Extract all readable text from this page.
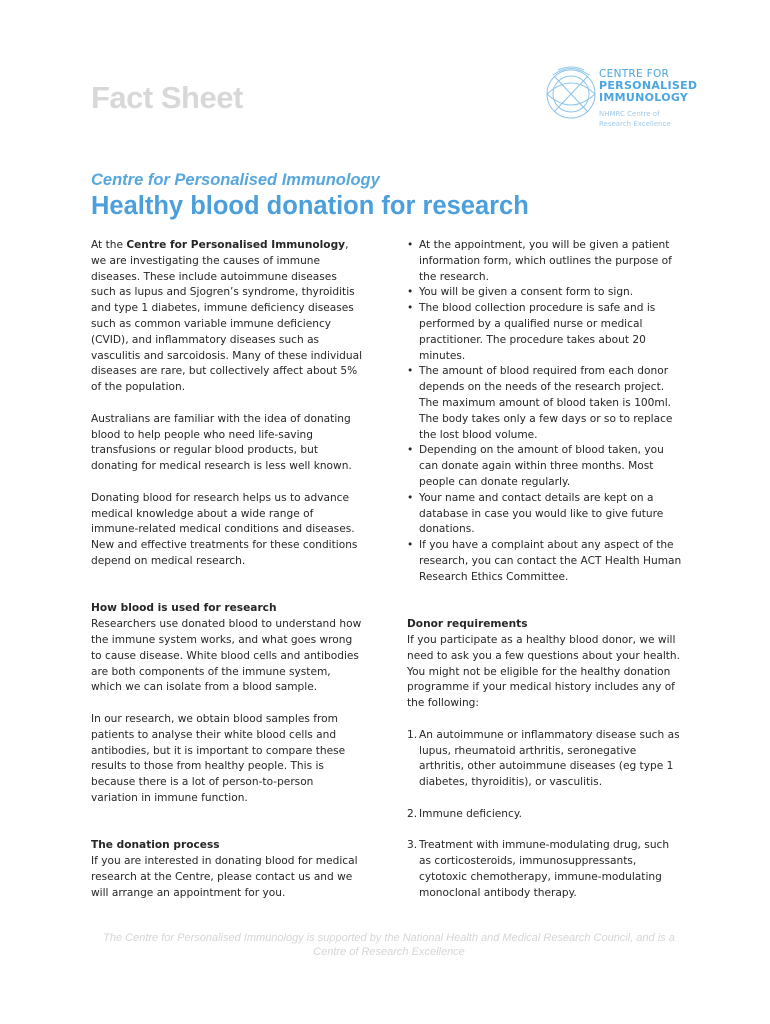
Fact Sheet
CENTRE FOR
PERSONALISED
IMMUNOLOGY
NHMRC Centre of
Research Excellence
Centre for Personalised Immunology
Healthy blood donation for research

At the Centre for Personalised Immunology, we are investigating the causes of immune diseases. These include autoimmune diseases such as lupus and Sjogren’s syndrome, thyroiditis and type 1 diabetes, immune deficiency diseases such as common variable immune deficiency (CVID), and inflammatory diseases such as vasculitis and sarcoidosis. Many of these individual diseases are rare, but collectively affect about 5% of the population.

Australians are familiar with the idea of donating blood to help people who need life-saving transfusions or regular blood products, but donating for medical research is less well known.

Donating blood for research helps us to advance medical knowledge about a wide range of immune-related medical conditions and diseases. New and effective treatments for these conditions depend on medical research.

How blood is used for research

Researchers use donated blood to understand how the immune system works, and what goes wrong to cause disease. White blood cells and antibodies are both components of the immune system, which we can isolate from a blood sample.

In our research, we obtain blood samples from patients to analyse their white blood cells and antibodies, but it is important to compare these results to those from healthy people. This is because there is a lot of person-to-person variation in immune function.

The donation process

If you are interested in donating blood for medical research at the Centre, please contact us and we will arrange an appointment for you.

• At the appointment, you will be given a patient information form, which outlines the purpose of the research.
• You will be given a consent form to sign.
• The blood collection procedure is safe and is performed by a qualified nurse or medical practitioner. The procedure takes about 20 minutes.
• The amount of blood required from each donor depends on the needs of the research project. The maximum amount of blood taken is 100ml. The body takes only a few days or so to replace the lost blood volume.
• Depending on the amount of blood taken, you can donate again within three months. Most people can donate regularly.
• Your name and contact details are kept on a database in case you would like to give future donations.
• If you have a complaint about any aspect of the research, you can contact the ACT Health Human Research Ethics Committee.

Donor requirements

If you participate as a healthy blood donor, we will need to ask you a few questions about your health. You might not be eligible for the healthy donation programme if your medical history includes any of the following:

1. An autoimmune or inflammatory disease such as lupus, rheumatoid arthritis, seronegative arthritis, other autoimmune diseases (eg type 1 diabetes, thyroiditis), or vasculitis.
2. Immune deficiency.
3. Treatment with immune-modulating drug, such as corticosteroids, immunosuppressants, cytotoxic chemotherapy, immune-modulating monoclonal antibody therapy.
The Centre for Personalised Immunology is supported by the National Health and Medical Research Council, and is a Centre of Research Excellence
